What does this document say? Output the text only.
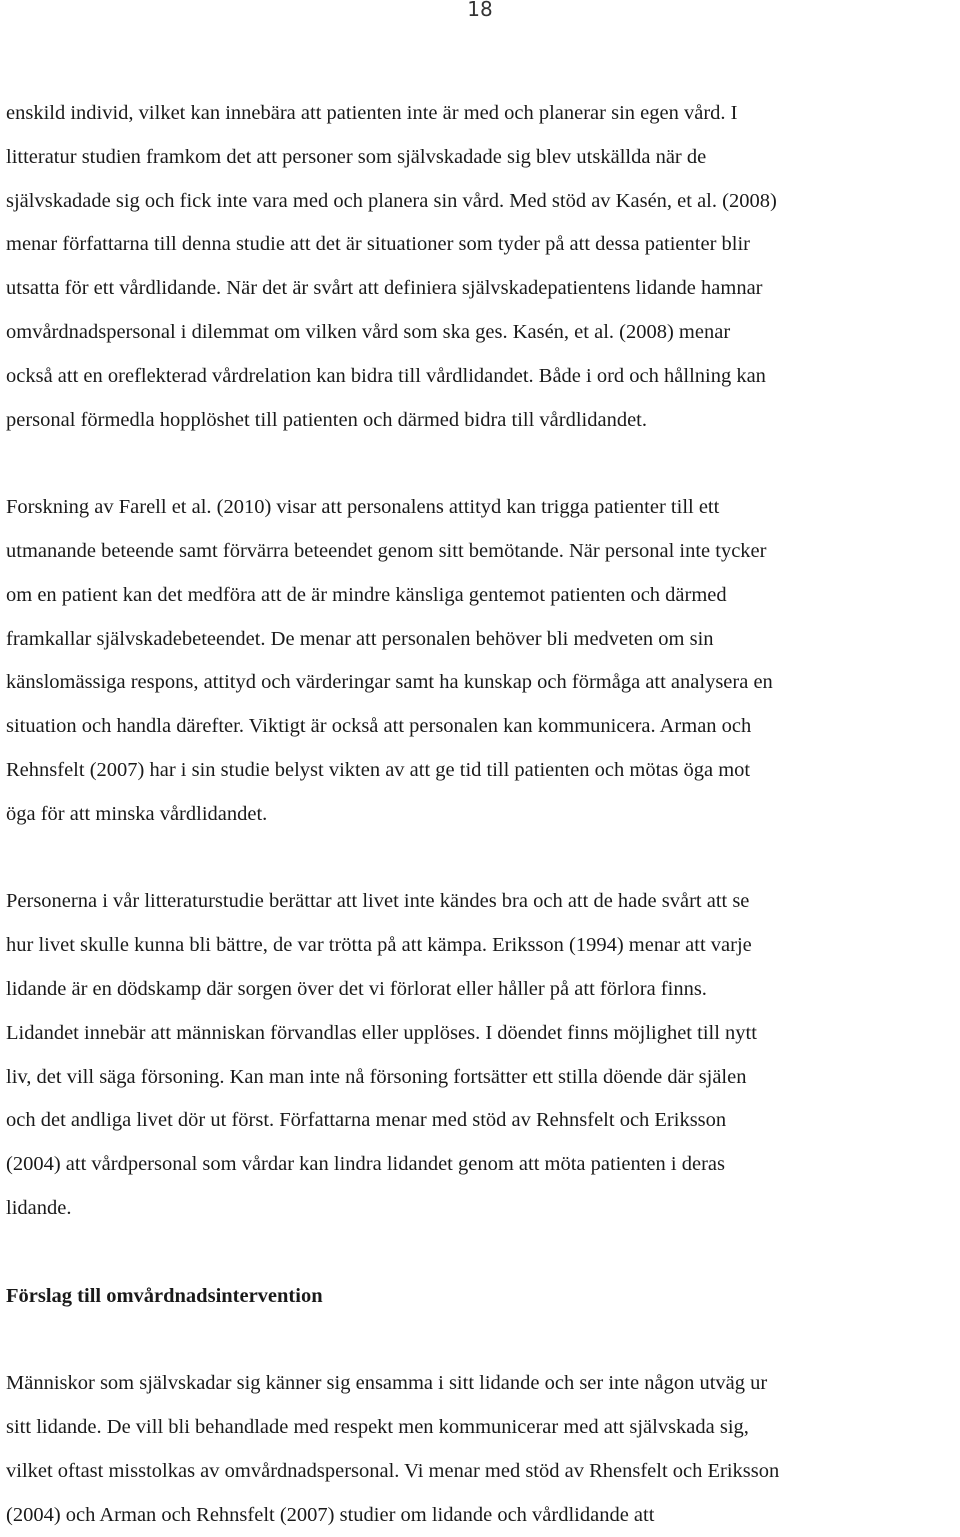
18

enskild individ, vilket kan innebära att patienten inte är med och planerar sin egen vård. I
litteratur studien framkom det att personer som självskadade sig blev utskällda när de
självskadade sig och fick inte vara med och planera sin vård. Med stöd av Kasén, et al. (2008)
menar författarna till denna studie att det är situationer som tyder på att dessa patienter blir
utsatta för ett vårdlidande. När det är svårt att definiera självskadepatientens lidande hamnar
omvårdnadspersonal i dilemmat om vilken vård som ska ges. Kasén, et al. (2008) menar
också att en oreflekterad vårdrelation kan bidra till vårdlidandet. Både i ord och hållning kan
personal förmedla hopplöshet till patienten och därmed bidra till vårdlidandet.

Forskning av Farell et al. (2010) visar att personalens attityd kan trigga patienter till ett
utmanande beteende samt förvärra beteendet genom sitt bemötande. När personal inte tycker
om en patient kan det medföra att de är mindre känsliga gentemot patienten och därmed
framkallar självskadebeteendet. De menar att personalen behöver bli medveten om sin
känslomässiga respons, attityd och värderingar samt ha kunskap och förmåga att analysera en
situation och handla därefter. Viktigt är också att personalen kan kommunicera. Arman och
Rehnsfelt (2007) har i sin studie belyst vikten av att ge tid till patienten och mötas öga mot
öga för att minska vårdlidandet.

Personerna i vår litteraturstudie berättar att livet inte kändes bra och att de hade svårt att se
hur livet skulle kunna bli bättre, de var trötta på att kämpa. Eriksson (1994) menar att varje
lidande är en dödskamp där sorgen över det vi förlorat eller håller på att förlora finns.
Lidandet innebär att människan förvandlas eller upplöses. I döendet finns möjlighet till nytt
liv, det vill säga försoning. Kan man inte nå försoning fortsätter ett stilla döende där själen
och det andliga livet dör ut först. Författarna menar med stöd av Rehnsfelt och Eriksson
(2004) att vårdpersonal som vårdar kan lindra lidandet genom att möta patienten i deras
lidande.

Förslag till omvårdnadsintervention

Människor som självskadar sig känner sig ensamma i sitt lidande och ser inte någon utväg ur
sitt lidande. De vill bli behandlade med respekt men kommunicerar med att självskada sig,
vilket oftast misstolkas av omvårdnadspersonal. Vi menar med stöd av Rhensfelt och Eriksson
(2004) och Arman och Rehnsfelt (2007) studier om lidande och vårdlidande att
